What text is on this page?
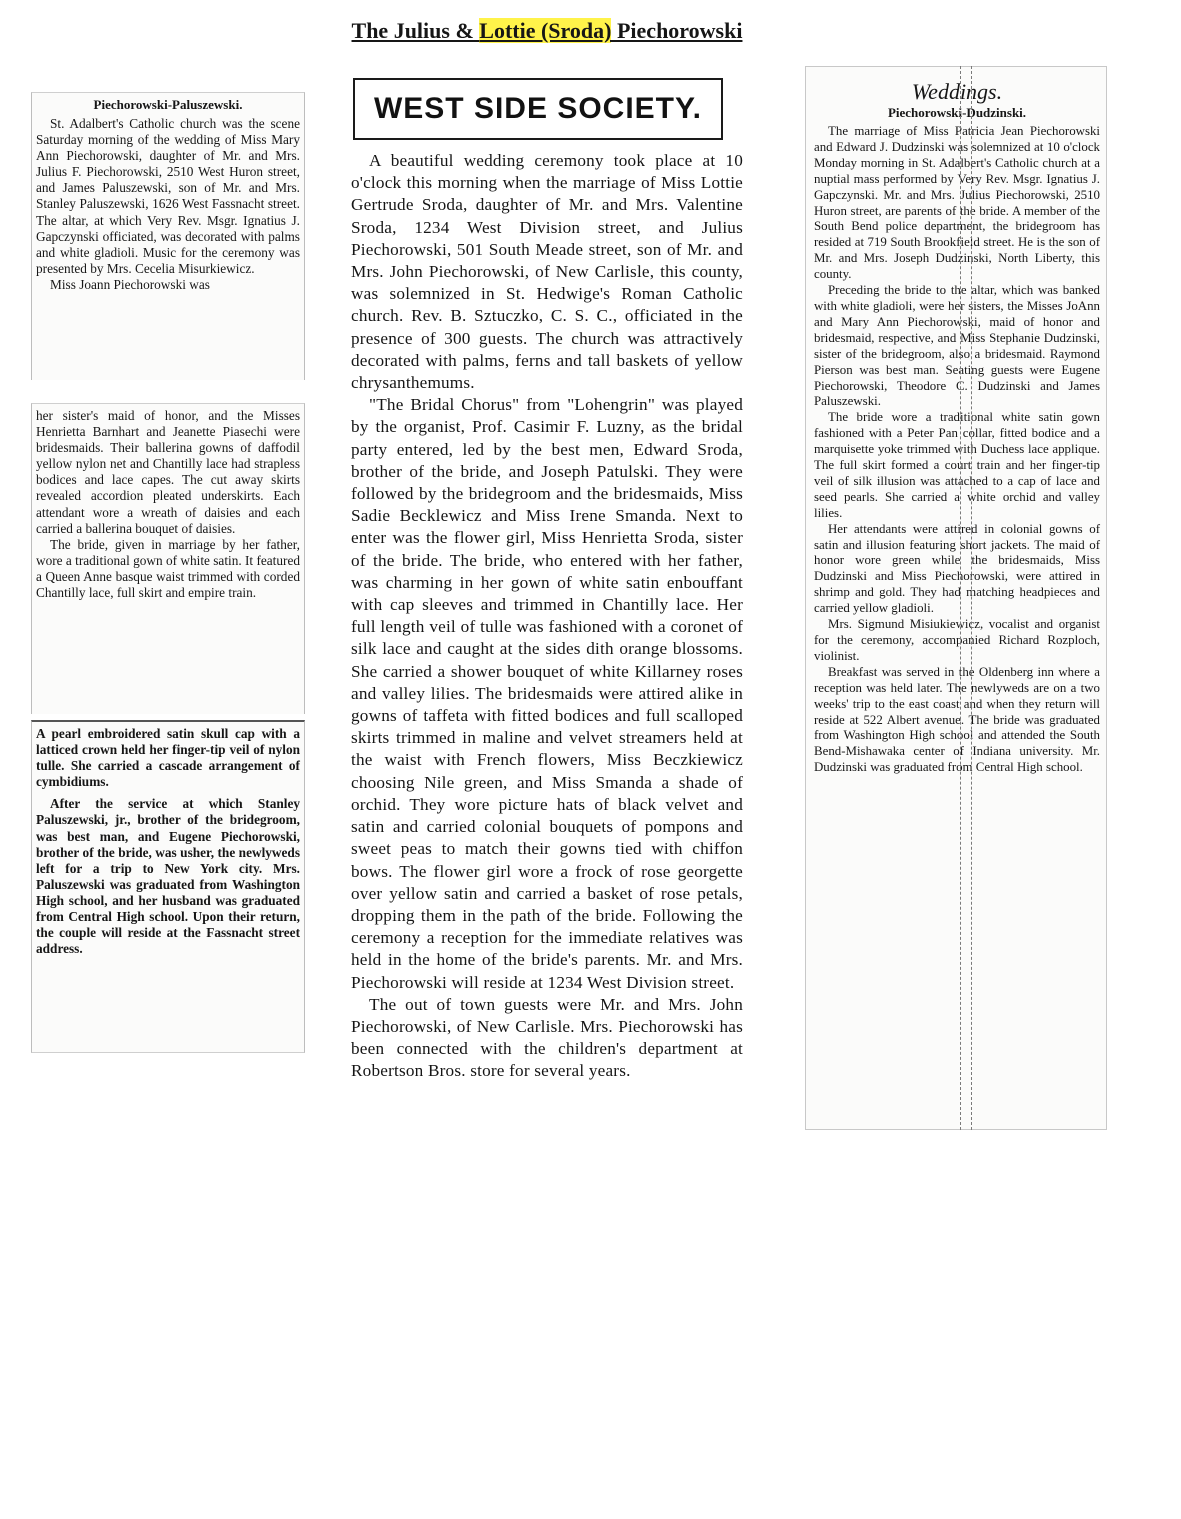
The Julius & Lottie (Sroda) Piechorowski

Piechorowski-Paluszewski.

St. Adalbert's Catholic church was the scene Saturday morning of the wedding of Miss Mary Ann Piechorowski, daughter of Mr. and Mrs. Julius F. Piechorowski, 2510 West Huron street, and James Paluszewski, son of Mr. and Mrs. Stanley Paluszewski, 1626 West Fassnacht street. The altar, at which Very Rev. Msgr. Ignatius J. Gapczynski officiated, was decorated with palms and white gladioli. Music for the ceremony was presented by Mrs. Cecelia Misurkiewicz.

Miss Joann Piechorowski was

her sister's maid of honor, and the Misses Henrietta Barnhart and Jeanette Piasechi were bridesmaids. Their ballerina gowns of daffodil yellow nylon net and Chantilly lace had strapless bodices and lace capes. The cut away skirts revealed accordion pleated underskirts. Each attendant wore a wreath of daisies and each carried a ballerina bouquet of daisies.

The bride, given in marriage by her father, wore a traditional gown of white satin. It featured a Queen Anne basque waist trimmed with corded Chantilly lace, full skirt and empire train.

A pearl embroidered satin skull cap with a latticed crown held her finger-tip veil of nylon tulle. She carried a cascade arrangement of cymbidiums.

After the service at which Stanley Paluszewski, jr., brother of the bridegroom, was best man, and Eugene Piechorowski, brother of the bride, was usher, the newlyweds left for a trip to New York city. Mrs. Paluszewski was graduated from Washington High school, and her husband was graduated from Central High school. Upon their return, the couple will reside at the Fassnacht street address.

WEST SIDE SOCIETY.

A beautiful wedding ceremony took place at 10 o'clock this morning when the marriage of Miss Lottie Gertrude Sroda, daughter of Mr. and Mrs. Valentine Sroda, 1234 West Division street, and Julius Piechorowski, 501 South Meade street, son of Mr. and Mrs. John Piechorowski, of New Carlisle, this county, was solemnized in St. Hedwige's Roman Catholic church. Rev. B. Sztuczko, C. S. C., officiated in the presence of 300 guests. The church was attractively decorated with palms, ferns and tall baskets of yellow chrysanthemums.

"The Bridal Chorus" from "Lohengrin" was played by the organist, Prof. Casimir F. Luzny, as the bridal party entered, led by the best men, Edward Sroda, brother of the bride, and Joseph Patulski. They were followed by the bridegroom and the bridesmaids, Miss Sadie Becklewicz and Miss Irene Smanda. Next to enter was the flower girl, Miss Henrietta Sroda, sister of the bride. The bride, who entered with her father, was charming in her gown of white satin enbouffant with cap sleeves and trimmed in Chantilly lace. Her full length veil of tulle was fashioned with a coronet of silk lace and caught at the sides dith orange blossoms. She carried a shower bouquet of white Killarney roses and valley lilies. The bridesmaids were attired alike in gowns of taffeta with fitted bodices and full scalloped skirts trimmed in maline and velvet streamers held at the waist with French flowers, Miss Beczkiewicz choosing Nile green, and Miss Smanda a shade of orchid. They wore picture hats of black velvet and satin and carried colonial bouquets of pompons and sweet peas to match their gowns tied with chiffon bows. The flower girl wore a frock of rose georgette over yellow satin and carried a basket of rose petals, dropping them in the path of the bride. Following the ceremony a reception for the immediate relatives was held in the home of the bride's parents. Mr. and Mrs. Piechorowski will reside at 1234 West Division street.

The out of town guests were Mr. and Mrs. John Piechorowski, of New Carlisle. Mrs. Piechorowski has been connected with the children's department at Robertson Bros. store for several years.

Weddings.

Piechorowski-Dudzinski.

The marriage of Miss Patricia Jean Piechorowski and Edward J. Dudzinski was solemnized at 10 o'clock Monday morning in St. Adalbert's Catholic church at a nuptial mass performed by Very Rev. Msgr. Ignatius J. Gapczynski. Mr. and Mrs. Julius Piechorowski, 2510 Huron street, are parents of the bride. A member of the South Bend police department, the bridegroom has resided at 719 South Brookfield street. He is the son of Mr. and Mrs. Joseph Dudzinski, North Liberty, this county.

Preceding the bride to the altar, which was banked with white gladioli, were her sisters, the Misses JoAnn and Mary Ann Piechorowski, maid of honor and bridesmaid, respective, and Miss Stephanie Dudzinski, sister of the bridegroom, also a bridesmaid. Raymond Pierson was best man. Seating guests were Eugene Piechorowski, Theodore C. Dudzinski and James Paluszewski.

The bride wore a traditional white satin gown fashioned with a Peter Pan collar, fitted bodice and a marquisette yoke trimmed with Duchess lace applique. The full skirt formed a court train and her finger-tip veil of silk illusion was attached to a cap of lace and seed pearls. She carried a white orchid and valley lilies.

Her attendants were attired in colonial gowns of satin and illusion featuring short jackets. The maid of honor wore green while the bridesmaids, Miss Dudzinski and Miss Piechorowski, were attired in shrimp and gold. They had matching headpieces and carried yellow gladioli.

Mrs. Sigmund Misiukiewicz, vocalist and organist for the ceremony, accompanied Richard Rozploch, violinist.

Breakfast was served in the Oldenberg inn where a reception was held later. The newlyweds are on a two weeks' trip to the east coast and when they return will reside at 522 Albert avenue. The bride was graduated from Washington High school and attended the South Bend-Mishawaka center of Indiana university. Mr. Dudzinski was graduated from Central High school.
